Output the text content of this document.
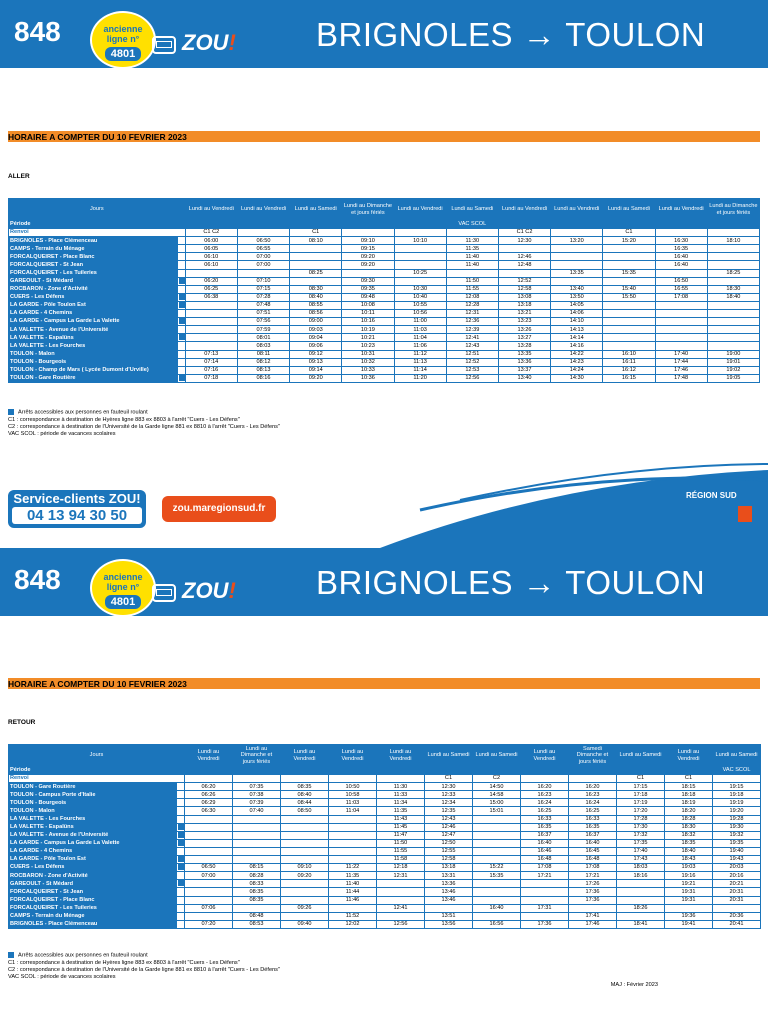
848	ancienne
ligne n°
4801	ZOU! BRIGNOLES → TOULON
HORAIRE A COMPTER DU 10 FEVRIER 2023
ALLER
Jours		Lundi au Vendredi	Lundi au Vendredi	Lundi au Samedi	Lundi au Dimanche et jours fériés	Lundi au Vendredi	Lundi au Samedi	Lundi au Vendredi	Lundi au Vendredi	Lundi au Samedi	Lundi au Vendredi	Lundi au Dimanche et jours fériés
Période							VAC SCOL					
Renvoi		C1 C2		C1				C1 C2		C1		
BRIGNOLES - Place Clémenceau		06:00	06:50	08:10	09:10	10:10	11:30	12:30	13:20	15:20	16:30	18:10
CAMPS - Terrain du Ménage		06:05	06:55		09:15		11:35				16:35	
FORCALQUEIRET - Place Blanc		06:10	07:00		09:20		11:40	12:46			16:40	
FORCALQUEIRET - St Jean		06:10	07:00		09:20		11:40	12:48			16:40	
FORCALQUEIRET - Les Tuileries				08:25		10:25			13:35	15:35		18:25
GAREOULT - St Médard		06:20	07:10		09:30		11:50	12:52			16:50	
ROCBARON - Zone d'Activité		06:25	07:15	08:30	09:35	10:30	11:55	12:58	13:40	15:40	16:55	18:30
CUERS - Les Défens		06:38	07:28	08:40	09:48	10:40	12:08	13:08	13:50	15:50	17:08	18:40
LA GARDE - Pôle Toulon Est			07:48	08:55	10:08	10:55	12:28	13:18	14:05			
LA GARDE - 4 Chemins			07:51	08:56	10:11	10:56	12:31	13:21	14:06			
LA GARDE - Campus La Garde La Valette			07:56	09:00	10:16	11:00	12:36	13:23	14:10			
LA VALETTE - Avenue de l'Université			07:59	09:03	10:19	11:03	12:39	13:26	14:13			
LA VALETTE - Espalüns			08:01	09:04	10:21	11:04	12:41	13:27	14:14			
LA VALETTE - Les Fourches			08:03	09:06	10:23	11:06	12:43	13:28	14:16			
TOULON - Maïon		07:13	08:11	09:12	10:31	11:12	12:51	13:35	14:22	16:10	17:40	19:00
TOULON - Bourgeois		07:14	08:12	09:13	10:32	11:13	12:52	13:36	14:23	16:11	17:44	19:01
TOULON - Champ de Mars ( Lycée Dumont d'Urville)		07:16	08:13	09:14	10:33	11:14	12:53	13:37	14:24	16:12	17:46	19:02
TOULON - Gare Routière		07:18	08:16	09:20	10:36	11:20	12:56	13:40	14:30	16:15	17:48	19:05
Arrêts accessibles aux personnes en fauteuil roulant
C1 : correspondance à destination de Hyères ligne 883 ex 8803 à l'arrêt "Cuers - Les Défens"
C2 : correspondance à destination de l'Université de la Garde ligne 881 ex 8810 à l'arrêt "Cuers - Les Défens"
VAC SCOL : période de vacances scolaires
Service-clients ZOU!
04 13 94 30 50	zou.maregionsud.fr
RÉGION SUD
848	ancienne
ligne n°
4801	ZOU! BRIGNOLES → TOULON
HORAIRE A COMPTER DU 10 FEVRIER 2023
RETOUR
Jours		Lundi au Vendredi	Lundi au Dimanche et jours fériés	Lundi au Vendredi	Lundi au Vendredi	Lundi au Vendredi	Lundi au Samedi	Lundi au Samedi	Lundi au Vendredi	Samedi Dimanche et jours fériés	Lundi au Samedi	Lundi au Vendredi	Lundi au Samedi
Période													VAC SCOL
Renvoi							C1	C2			C1	C1	
TOULON - Gare Routière		06:20	07:35	08:35	10:50	11:30	12:30	14:50	16:20	16:20	17:15	18:15	19:15
TOULON - Campus Porte d'Italie		06:26	07:38	08:40	10:58	11:33	12:33	14:58	16:23	16:23	17:18	18:18	19:18
TOULON - Bourgeois		06:29	07:39	08:44	11:03	11:34	12:34	15:00	16:24	16:24	17:19	18:19	19:19
TOULON - Maïon		06:30	07:40	08:50	11:04	11:35	12:35	15:01	16:25	16:25	17:20	18:20	19:20
LA VALETTE - Les Fourches						11:43	12:43		16:33	16:33	17:28	18:28	19:28
LA VALETTE - Espalüns						11:45	12:46		16:35	16:35	17:30	18:30	19:30
LA VALETTE - Avenue de l'Université						11:47	12:47		16:37	16:37	17:32	18:32	19:32
LA GARDE - Campus La Garde La Valette						11:50	12:50		16:40	16:40	17:35	18:35	19:35
LA GARDE - 4 Chemins						11:55	12:55		16:46	16:45	17:40	18:40	19:40
LA GARDE - Pôle Toulon Est						11:58	12:58		16:48	16:48	17:43	18:43	19:43
CUERS - Les Défens		06:50	08:15	09:10	11:22	12:18	13:18	15:22	17:08	17:08	18:03	19:03	20:03
ROCBARON - Zone d'Activité		07:00	08:28	09:20	11:35	12:31	13:31	15:35	17:21	17:21	18:16	19:16	20:16
GAREOULT - St Médard			08:33		11:40		13:36			17:26		19:21	20:21
FORCALQUEIRET - St Jean			08:35		11:44		13:46			17:36		19:31	20:31
FORCALQUEIRET - Place Blanc			08:35		11:46		13:46			17:36		19:31	20:31
FORCALQUEIRET - Les Tuileries		07:06		09:26		12:41		16:40	17:31		18:26		
CAMPS - Terrain du Ménage			08:48		11:52		13:51			17:41		19:36	20:36
BRIGNOLES - Place Clémenceau		07:20	08:53	09:40	12:02	12:56	13:56	16:56	17:36	17:46	18:41	19:41	20:41
Arrêts accessibles aux personnes en fauteuil roulant
C1 : correspondance à destination de Hyères ligne 883 ex 8803 à l'arrêt "Cuers - Les Défens"
C2 : correspondance à destination de l'Université de la Garde ligne 881 ex 8810 à l'arrêt "Cuers - Les Défens"
VAC SCOL : période de vacances scolaires
MAJ : Février 2023
